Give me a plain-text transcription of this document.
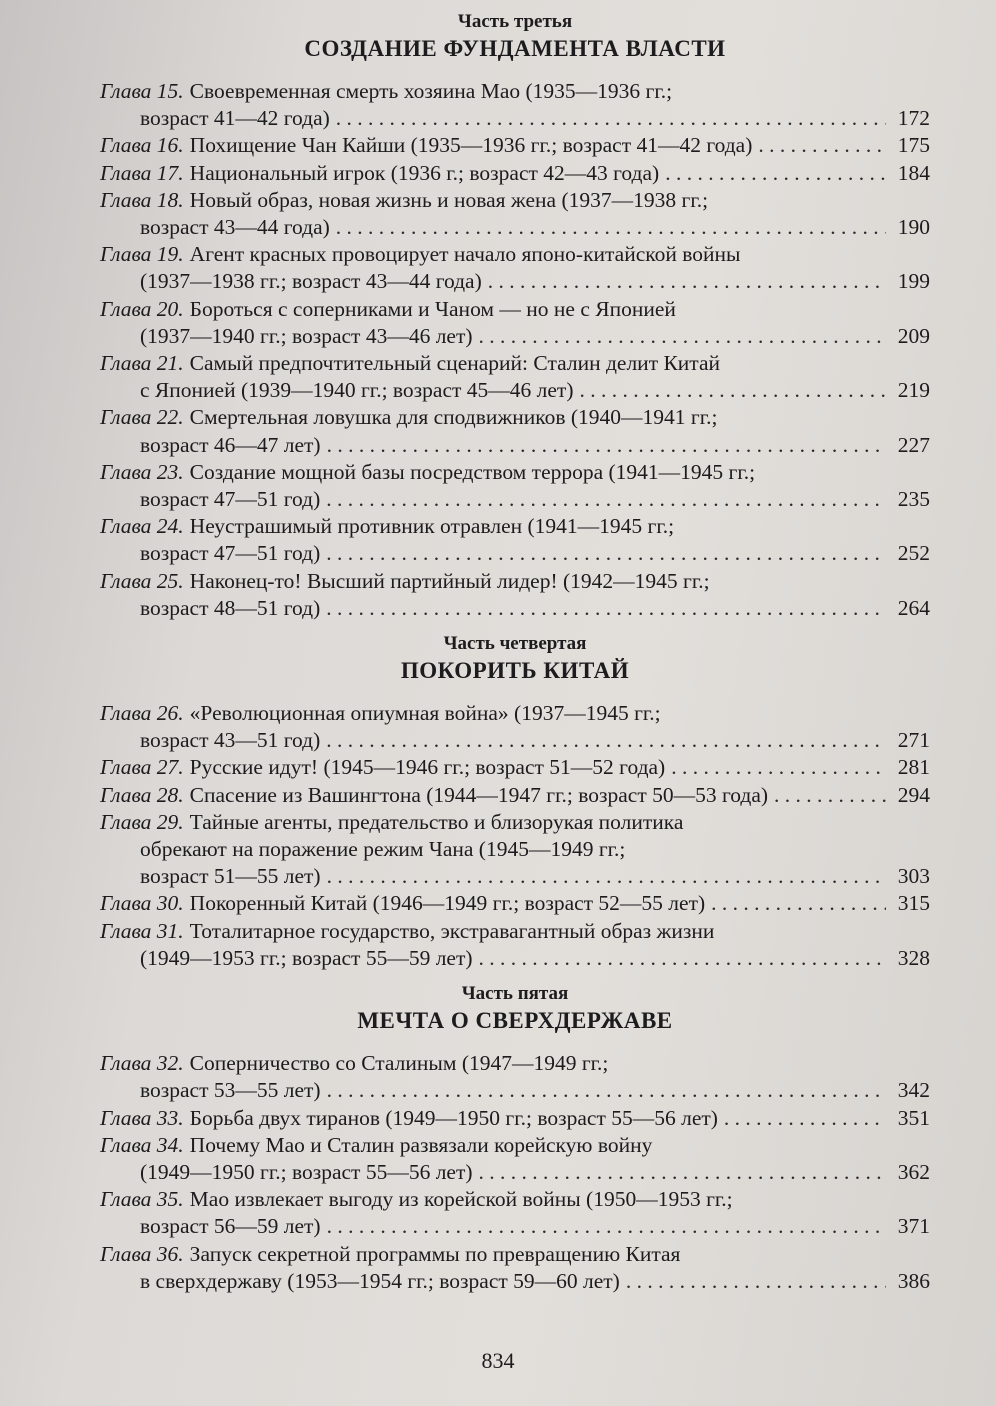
Часть третья
СОЗДАНИЕ ФУНДАМЕНТА ВЛАСТИ
Глава 15. Своевременная смерть хозяина Мао (1935—1936 гг.;
возраст 41—42 года) . . .	172
Глава 16. Похищение Чан Кайши (1935—1936 гг.; возраст 41—42 года) . . .	175
Глава 17. Национальный игрок (1936 г.; возраст 42—43 года) . . .	184
Глава 18. Новый образ, новая жизнь и новая жена (1937—1938 гг.;
возраст 43—44 года) . . .	190
Глава 19. Агент красных провоцирует начало японо-китайской войны
(1937—1938 гг.; возраст 43—44 года) . . .	199
Глава 20. Бороться с соперниками и Чаном — но не с Японией
(1937—1940 гг.; возраст 43—46 лет) . . .	209
Глава 21. Самый предпочтительный сценарий: Сталин делит Китай
с Японией (1939—1940 гг.; возраст 45—46 лет) . . .	219
Глава 22. Смертельная ловушка для сподвижников (1940—1941 гг.;
возраст 46—47 лет) . . .	227
Глава 23. Создание мощной базы посредством террора (1941—1945 гг.;
возраст 47—51 год) . . .	235
Глава 24. Неустрашимый противник отравлен (1941—1945 гг.;
возраст 47—51 год) . . .	252
Глава 25. Наконец-то! Высший партийный лидер! (1942—1945 гг.;
возраст 48—51 год) . . .	264
Часть четвертая
ПОКОРИТЬ КИТАЙ
Глава 26. «Революционная опиумная война» (1937—1945 гг.;
возраст 43—51 год) . . .	271
Глава 27. Русские идут! (1945—1946 гг.; возраст 51—52 года) . . .	281
Глава 28. Спасение из Вашингтона (1944—1947 гг.; возраст 50—53 года) . . .	294
Глава 29. Тайные агенты, предательство и близорукая политика
обрекают на поражение режим Чана (1945—1949 гг.;
возраст 51—55 лет) . . .	303
Глава 30. Покоренный Китай (1946—1949 гг.; возраст 52—55 лет) . . .	315
Глава 31. Тоталитарное государство, экстравагантный образ жизни
(1949—1953 гг.; возраст 55—59 лет) . . .	328
Часть пятая
МЕЧТА О СВЕРХДЕРЖАВЕ
Глава 32. Соперничество со Сталиным (1947—1949 гг.;
возраст 53—55 лет) . . .	342
Глава 33. Борьба двух тиранов (1949—1950 гг.; возраст 55—56 лет) . . .	351
Глава 34. Почему Мао и Сталин развязали корейскую войну
(1949—1950 гг.; возраст 55—56 лет) . . .	362
Глава 35. Мао извлекает выгоду из корейской войны (1950—1953 гг.;
возраст 56—59 лет) . . .	371
Глава 36. Запуск секретной программы по превращению Китая
в сверхдержаву (1953—1954 гг.; возраст 59—60 лет) . . .	386
834
